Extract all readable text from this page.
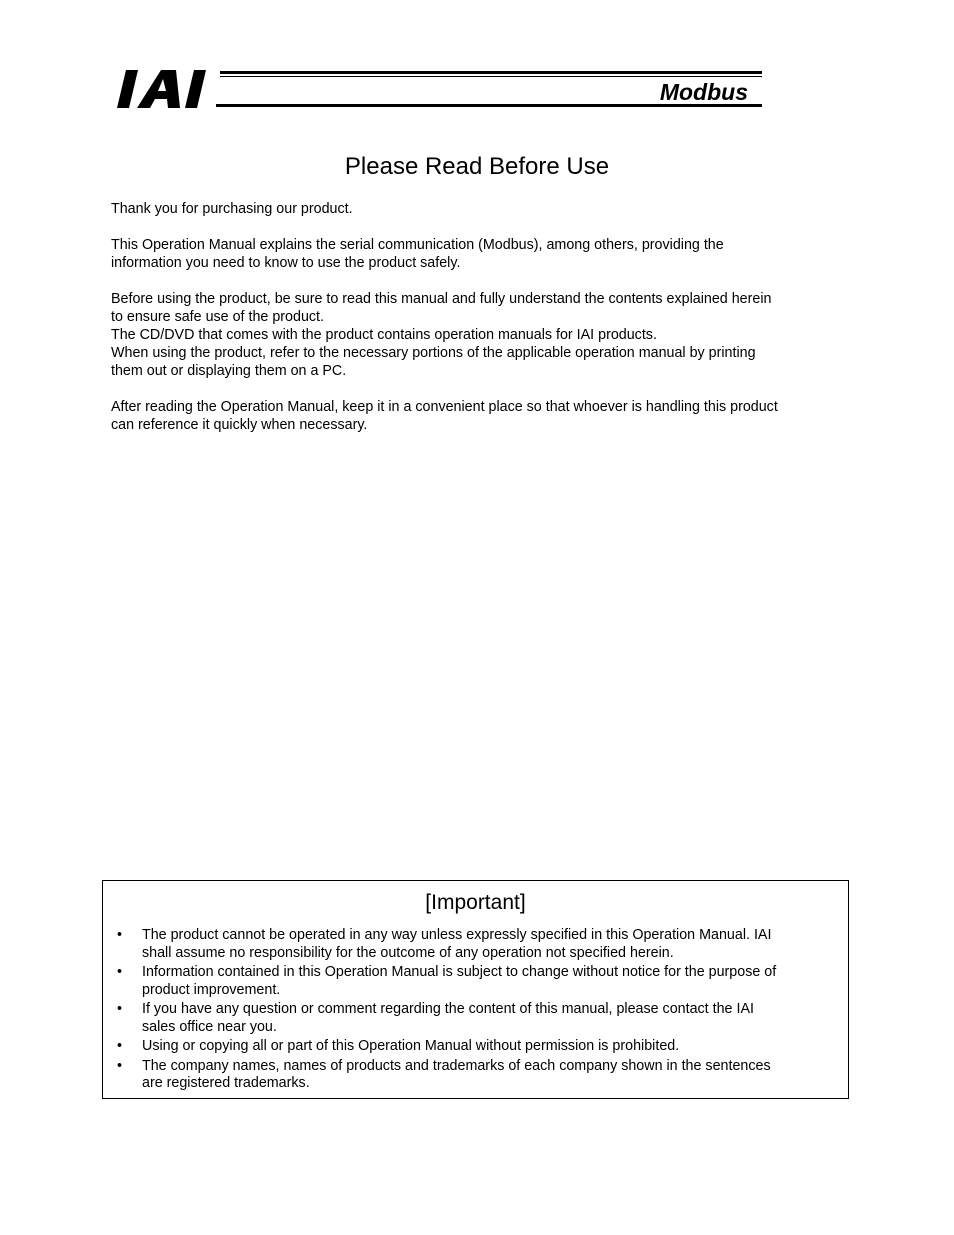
Modbus
Please Read Before Use

Thank you for purchasing our product.

This Operation Manual explains the serial communication (Modbus), among others, providing the
information you need to know to use the product safely.

Before using the product, be sure to read this manual and fully understand the contents explained herein
to ensure safe use of the product.
The CD/DVD that comes with the product contains operation manuals for IAI products.
When using the product, refer to the necessary portions of the applicable operation manual by printing
them out or displaying them on a PC.

After reading the Operation Manual, keep it in a convenient place so that whoever is handling this product
can reference it quickly when necessary.

[Important]
• The product cannot be operated in any way unless expressly specified in this Operation Manual. IAI
shall assume no responsibility for the outcome of any operation not specified herein.
• Information contained in this Operation Manual is subject to change without notice for the purpose of
product improvement.
• If you have any question or comment regarding the content of this manual, please contact the IAI
sales office near you.
• Using or copying all or part of this Operation Manual without permission is prohibited.
• The company names, names of products and trademarks of each company shown in the sentences
are registered trademarks.
